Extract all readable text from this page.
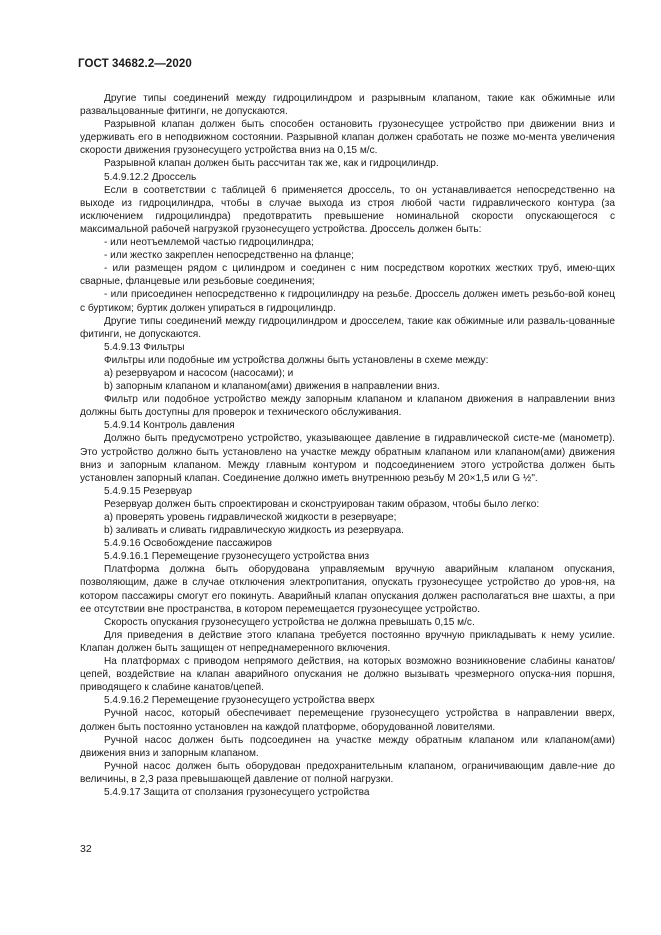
ГОСТ 34682.2—2020

Другие типы соединений между гидроцилиндром и разрывным клапаном, такие как обжимные или развальцованные фитинги, не допускаются.

Разрывной клапан должен быть способен остановить грузонесущее устройство при движении вниз и удерживать его в неподвижном состоянии. Разрывной клапан должен сработать не позже мо-мента увеличения скорости движения грузонесущего устройства вниз на 0,15 м/с.

Разрывной клапан должен быть рассчитан так же, как и гидроцилиндр.

5.4.9.12.2 Дроссель

Если в соответствии с таблицей 6 применяется дроссель, то он устанавливается непосредственно на выходе из гидроцилиндра, чтобы в случае выхода из строя любой части гидравлического контура (за исключением гидроцилиндра) предотвратить превышение номинальной скорости опускающегося с максимальной рабочей нагрузкой грузонесущего устройства. Дроссель должен быть:

- или неотъемлемой частью гидроцилиндра;

- или жестко закреплен непосредственно на фланце;

- или размещен рядом с цилиндром и соединен с ним посредством коротких жестких труб, имею-щих сварные, фланцевые или резьбовые соединения;

- или присоединен непосредственно к гидроцилиндру на резьбе. Дроссель должен иметь резьбо-вой конец с буртиком; буртик должен упираться в гидроцилиндр.

Другие типы соединений между гидроцилиндром и дросселем, такие как обжимные или разваль-цованные фитинги, не допускаются.

5.4.9.13 Фильтры

Фильтры или подобные им устройства должны быть установлены в схеме между:

a) резервуаром и насосом (насосами); и

b) запорным клапаном и клапаном(ами) движения в направлении вниз.

Фильтр или подобное устройство между запорным клапаном и клапаном движения в направлении вниз должны быть доступны для проверок и технического обслуживания.

5.4.9.14 Контроль давления

Должно быть предусмотрено устройство, указывающее давление в гидравлической систе-ме (манометр). Это устройство должно быть установлено на участке между обратным клапаном или клапаном(ами) движения вниз и запорным клапаном. Между главным контуром и подсоединением этого устройства должен быть установлен запорный клапан. Соединение должно иметь внутреннюю резьбу М 20×1,5 или G ½".

5.4.9.15 Резервуар

Резервуар должен быть спроектирован и сконструирован таким образом, чтобы было легко:

a) проверять уровень гидравлической жидкости в резервуаре;

b) заливать и сливать гидравлическую жидкость из резервуара.

5.4.9.16 Освобождение пассажиров

5.4.9.16.1 Перемещение грузонесущего устройства вниз

Платформа должна быть оборудована управляемым вручную аварийным клапаном опускания, позволяющим, даже в случае отключения электропитания, опускать грузонесущее устройство до уров-ня, на котором пассажиры смогут его покинуть. Аварийный клапан опускания должен располагаться вне шахты, а при ее отсутствии вне пространства, в котором перемещается грузонесущее устройство.

Скорость опускания грузонесущего устройства не должна превышать 0,15 м/с.

Для приведения в действие этого клапана требуется постоянно вручную прикладывать к нему усилие. Клапан должен быть защищен от непреднамеренного включения.

На платформах с приводом непрямого действия, на которых возможно возникновение слабины канатов/цепей, воздействие на клапан аварийного опускания не должно вызывать чрезмерного опуска-ния поршня, приводящего к слабине канатов/цепей.

5.4.9.16.2 Перемещение грузонесущего устройства вверх

Ручной насос, который обеспечивает перемещение грузонесущего устройства в направлении вверх, должен быть постоянно установлен на каждой платформе, оборудованной ловителями.

Ручной насос должен быть подсоединен на участке между обратным клапаном или клапаном(ами) движения вниз и запорным клапаном.

Ручной насос должен быть оборудован предохранительным клапаном, ограничивающим давле-ние до величины, в 2,3 раза превышающей давление от полной нагрузки.

5.4.9.17 Защита от сползания грузонесущего устройства

32
